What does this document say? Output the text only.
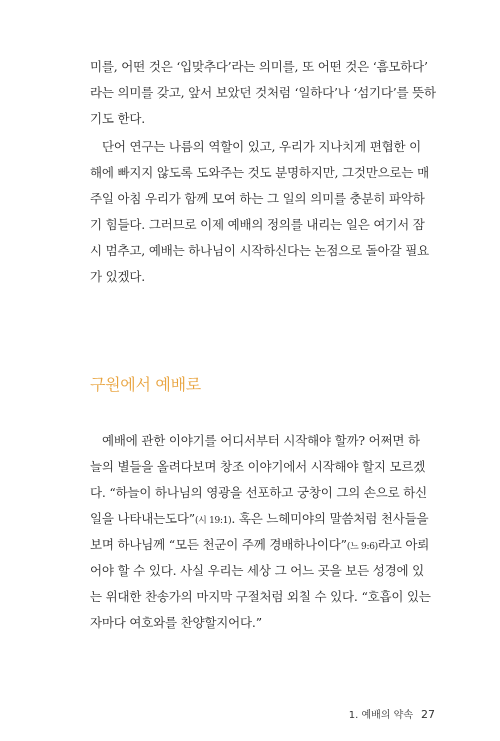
미를, 어떤 것은 ‘입맞추다’라는 의미를, 또 어떤 것은 ‘흠모하다’
라는 의미를 갖고, 앞서 보았던 것처럼 ‘일하다’나 ‘섬기다’를 뜻하
기도 한다.
단어 연구는 나름의 역할이 있고, 우리가 지나치게 편협한 이
해에 빠지지 않도록 도와주는 것도 분명하지만, 그것만으로는 매
주일 아침 우리가 함께 모여 하는 그 일의 의미를 충분히 파악하
기 힘들다. 그러므로 이제 예배의 정의를 내리는 일은 여기서 잠
시 멈추고, 예배는 하나님이 시작하신다는 논점으로 돌아갈 필요
가 있겠다.
구원에서 예배로
예배에 관한 이야기를 어디서부터 시작해야 할까? 어쩌면 하
늘의 별들을 올려다보며 창조 이야기에서 시작해야 할지 모르겠
다. “하늘이 하나님의 영광을 선포하고 궁창이 그의 손으로 하신
일을 나타내는도다”(시 19:1). 혹은 느헤미야의 말씀처럼 천사들을
보며 하나님께 “모든 천군이 주께 경배하나이다”(느 9:6)라고 아뢰
어야 할 수 있다. 사실 우리는 세상 그 어느 곳을 보든 성경에 있
는 위대한 찬송가의 마지막 구절처럼 외칠 수 있다. “호흡이 있는
자마다 여호와를 찬양할지어다.”
1. 예배의 약속 27
